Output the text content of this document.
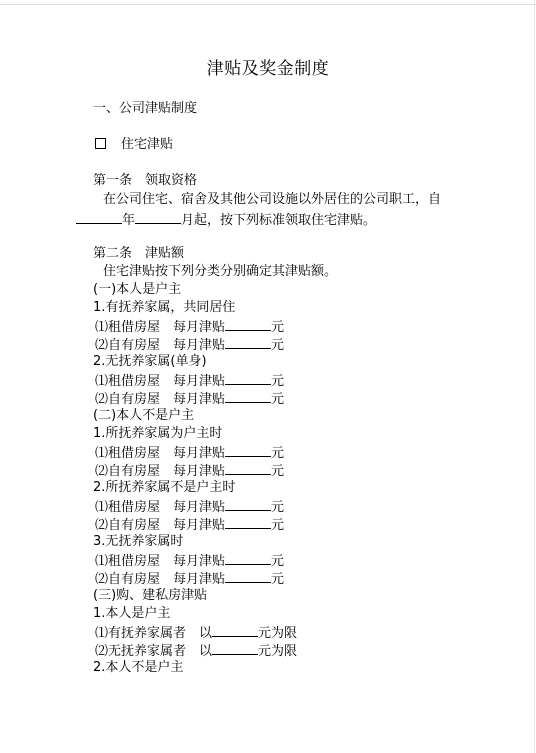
津贴及奖金制度
一、公司津贴制度
住宅津贴
第一条　领取资格
在公司住宅、宿舍及其他公司设施以外居住的公司职工，自
年	月起，按下列标准领取住宅津贴。
第二条　津贴额
住宅津贴按下列分类分别确定其津贴额。
(一)本人是户主
1.有抚养家属，共同居住
⑴租借房屋　每月津贴	元
⑵自有房屋　每月津贴	元
2.无抚养家属(单身)
⑴租借房屋　每月津贴	元
⑵自有房屋　每月津贴	元
(二)本人不是户主
1.所抚养家属为户主时
⑴租借房屋　每月津贴	元
⑵自有房屋　每月津贴	元
2.所抚养家属不是户主时
⑴租借房屋　每月津贴	元
⑵自有房屋　每月津贴	元
3.无抚养家属时
⑴租借房屋　每月津贴	元
⑵自有房屋　每月津贴	元
(三)购、建私房津贴
1.本人是户主
⑴有抚养家属者　以	元为限
⑵无抚养家属者　以	元为限
2.本人不是户主
